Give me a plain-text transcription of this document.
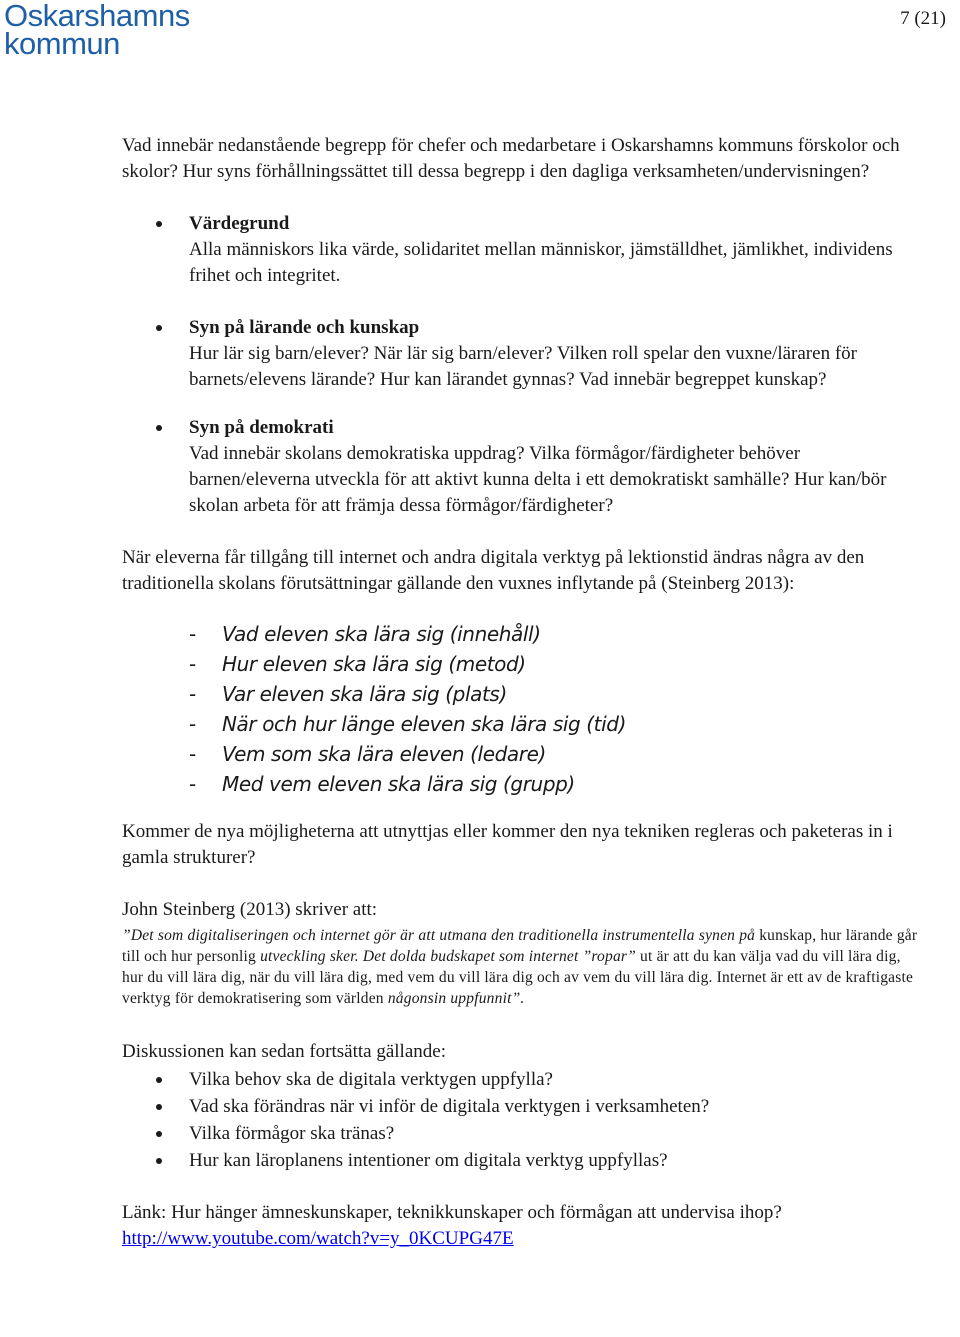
Oskarshamns
kommun
7 (21)

Vad innebär nedanstående begrepp för chefer och medarbetare i Oskarshamns kommuns förskolor och skolor? Hur syns förhållningssättet till dessa begrepp i den dagliga verksamheten/undervisningen?

Värdegrund
Alla människors lika värde, solidaritet mellan människor, jämställdhet, jämlikhet, individens frihet och integritet.
Syn på lärande och kunskap
Hur lär sig barn/elever? När lär sig barn/elever? Vilken roll spelar den vuxne/läraren för barnets/elevens lärande? Hur kan lärandet gynnas? Vad innebär begreppet kunskap?
Syn på demokrati
Vad innebär skolans demokratiska uppdrag? Vilka förmågor/färdigheter behöver barnen/eleverna utveckla för att aktivt kunna delta i ett demokratiskt samhälle? Hur kan/bör skolan arbeta för att främja dessa förmågor/färdigheter?

När eleverna får tillgång till internet och andra digitala verktyg på lektionstid ändras några av den traditionella skolans förutsättningar gällande den vuxnes inflytande på (Steinberg 2013):

- Vad eleven ska lära sig (innehåll)
- Hur eleven ska lära sig (metod)
- Var eleven ska lära sig (plats)
- När och hur länge eleven ska lära sig (tid)
- Vem som ska lära eleven (ledare)
- Med vem eleven ska lära sig (grupp)

Kommer de nya möjligheterna att utnyttjas eller kommer den nya tekniken regleras och paketeras in i gamla strukturer?

John Steinberg (2013) skriver att:

”Det som digitaliseringen och internet gör är att utmana den traditionella instrumentella synen på kunskap, hur lärande går till och hur personlig utveckling sker. Det dolda budskapet som internet ”ropar” ut är att du kan välja vad du vill lära dig, hur du vill lära dig, när du vill lära dig, med vem du vill lära dig och av vem du vill lära dig. Internet är ett av de kraftigaste verktyg för demokratisering som världen någonsin uppfunnit”.

Diskussionen kan sedan fortsätta gällande:

Vilka behov ska de digitala verktygen uppfylla?
Vad ska förändras när vi inför de digitala verktygen i verksamheten?
Vilka förmågor ska tränas?
Hur kan läroplanens intentioner om digitala verktyg uppfyllas?

Länk: Hur hänger ämneskunskaper, teknikkunskaper och förmågan att undervisa ihop?

http://www.youtube.com/watch?v=y_0KCUPG47E
